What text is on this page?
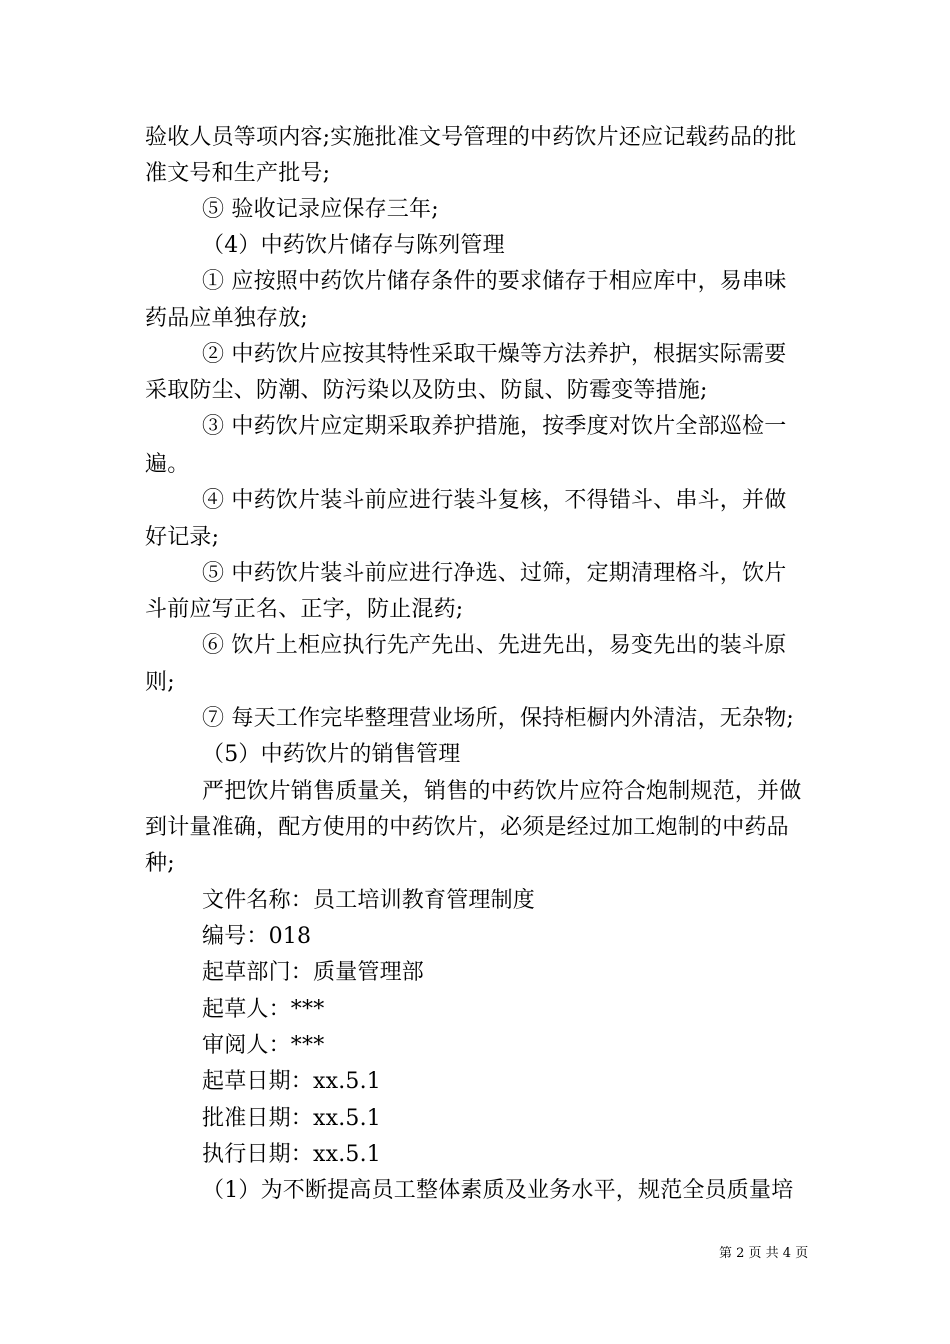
验收人员等项内容;实施批准文号管理的中药饮片还应记载药品的批
准文号和生产批号;
⑤ 验收记录应保存三年;
（4）中药饮片储存与陈列管理
① 应按照中药饮片储存条件的要求储存于相应库中，易串味
药品应单独存放;
② 中药饮片应按其特性采取干燥等方法养护，根据实际需要
采取防尘、防潮、防污染以及防虫、防鼠、防霉变等措施;
③ 中药饮片应定期采取养护措施，按季度对饮片全部巡检一
遍。
④ 中药饮片装斗前应进行装斗复核，不得错斗、串斗，并做
好记录;
⑤ 中药饮片装斗前应进行净选、过筛，定期清理格斗，饮片
斗前应写正名、正字，防止混药;
⑥ 饮片上柜应执行先产先出、先进先出，易变先出的装斗原
则;
⑦ 每天工作完毕整理营业场所，保持柜橱内外清洁，无杂物;
（5）中药饮片的销售管理
严把饮片销售质量关，销售的中药饮片应符合炮制规范，并做
到计量准确，配方使用的中药饮片，必须是经过加工炮制的中药品
种;
文件名称：员工培训教育管理制度
编号：018
起草部门：质量管理部
起草人：***
审阅人：***
起草日期：xx.5.1
批准日期：xx.5.1
执行日期：xx.5.1
（1）为不断提高员工整体素质及业务水平，规范全员质量培
第 2 页 共 4 页
